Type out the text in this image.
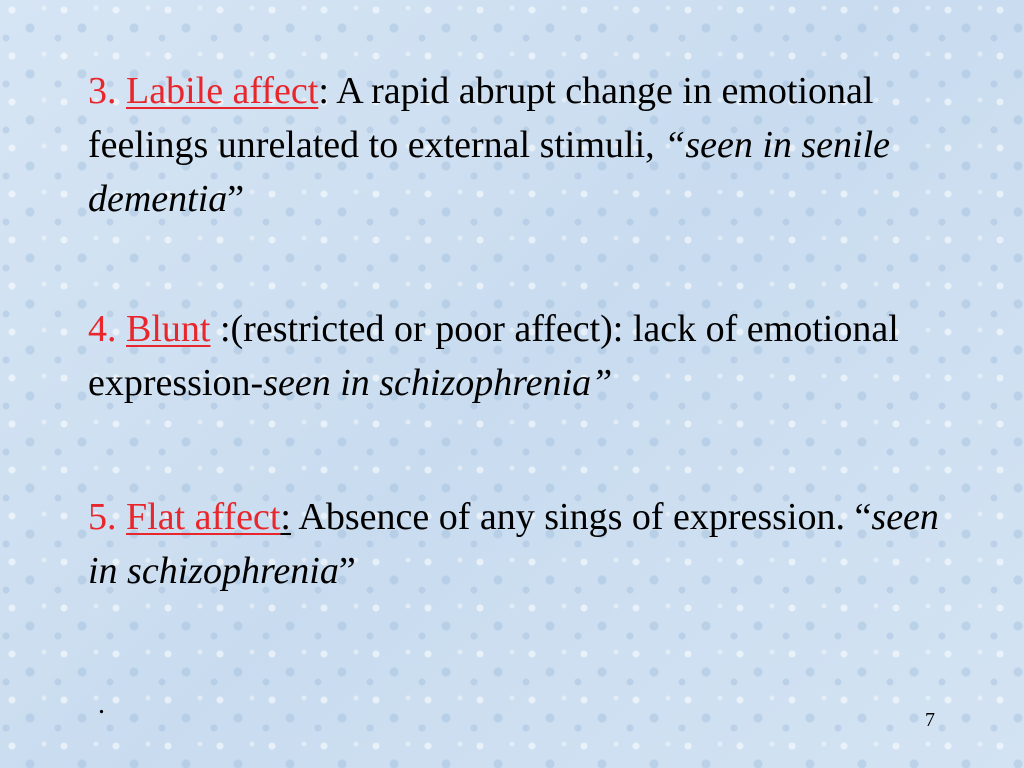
3. Labile affect: A rapid abrupt change in emotional feelings unrelated to external stimuli, “seen in senile dementia”
4. Blunt :(restricted or poor affect): lack of emotional expression-seen in schizophrenia”
5. Flat affect: Absence of any sings of expression. “seen in schizophrenia”
.	7
